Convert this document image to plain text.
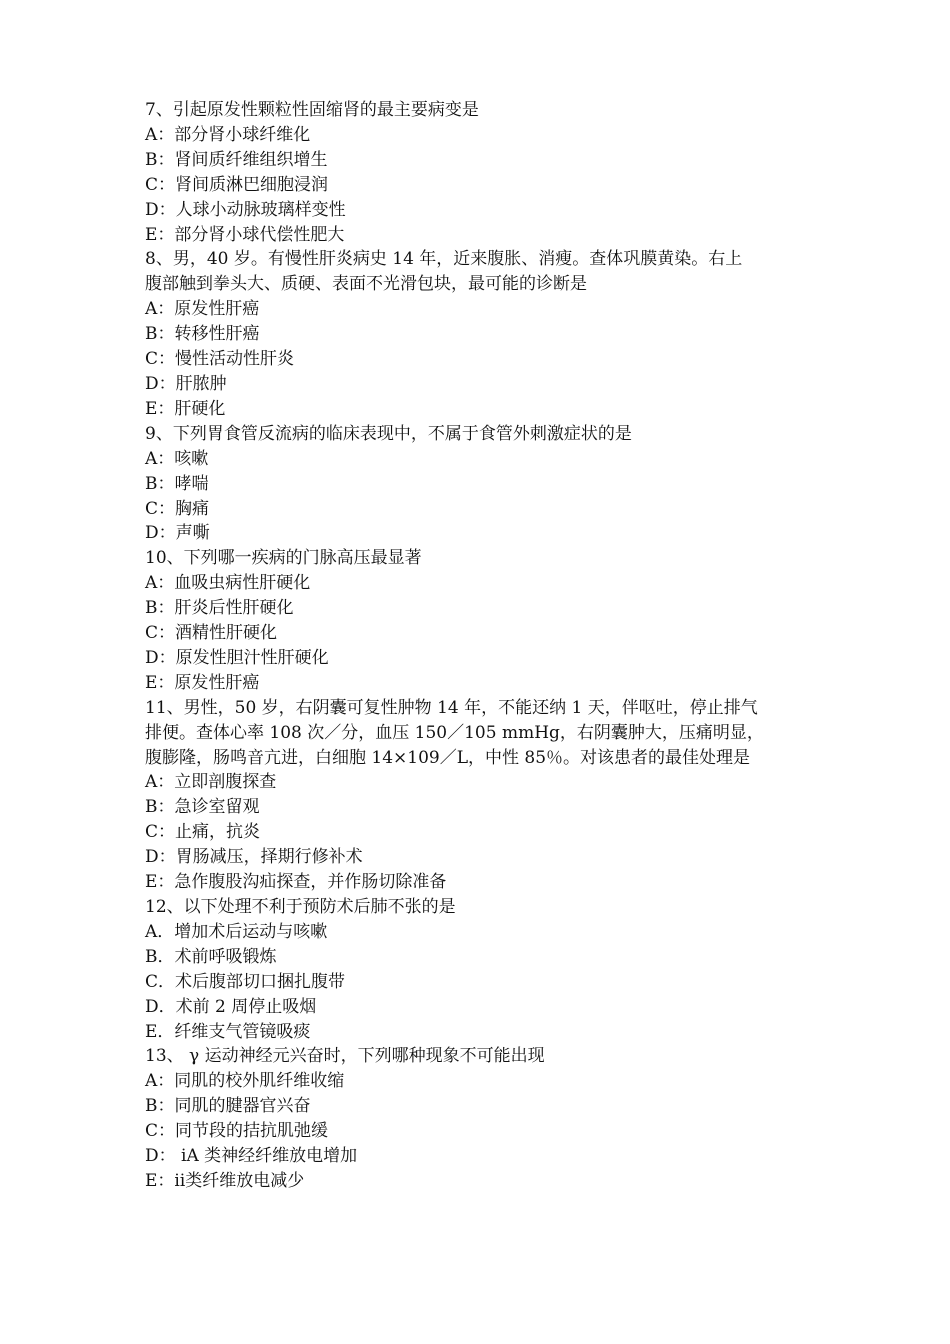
7、引起原发性颗粒性固缩肾的最主要病变是
A：部分肾小球纤维化
B：肾间质纤维组织增生
C：肾间质淋巴细胞浸润
D：人球小动脉玻璃样变性
E：部分肾小球代偿性肥大
8、男，40 岁。有慢性肝炎病史 14 年，近来腹胀、消瘦。查体巩膜黄染。右上
腹部触到拳头大、质硬、表面不光滑包块，最可能的诊断是
A：原发性肝癌
B：转移性肝癌
C：慢性活动性肝炎
D：肝脓肿
E：肝硬化
9、下列胃食管反流病的临床表现中，不属于食管外刺激症状的是
A：咳嗽
B：哮喘
C：胸痛
D：声嘶
10、下列哪一疾病的门脉高压最显著
A：血吸虫病性肝硬化
B：肝炎后性肝硬化
C：酒精性肝硬化
D：原发性胆汁性肝硬化
E：原发性肝癌
11、男性，50 岁，右阴囊可复性肿物 14 年，不能还纳 1 天，伴呕吐，停止排气
排便。查体心率 108 次／分，血压 150／105 mmHg，右阴囊肿大，压痛明显，
腹膨隆，肠鸣音亢进，白细胞 14×109／L，中性 85％。对该患者的最佳处理是
A：立即剖腹探查
B：急诊室留观
C：止痛，抗炎
D：胃肠减压，择期行修补术
E：急作腹股沟疝探查，并作肠切除准备
12、以下处理不利于预防术后肺不张的是
A．增加术后运动与咳嗽
B．术前呼吸锻炼
C．术后腹部切口捆扎腹带
D．术前 2 周停止吸烟
E．纤维支气管镜吸痰
13、 γ 运动神经元兴奋时，下列哪种现象不可能出现
A：同肌的校外肌纤维收缩
B：同肌的腱器官兴奋
C：同节段的拮抗肌弛缓
D： ⅰA 类神经纤维放电增加
E：ⅱ类纤维放电减少
